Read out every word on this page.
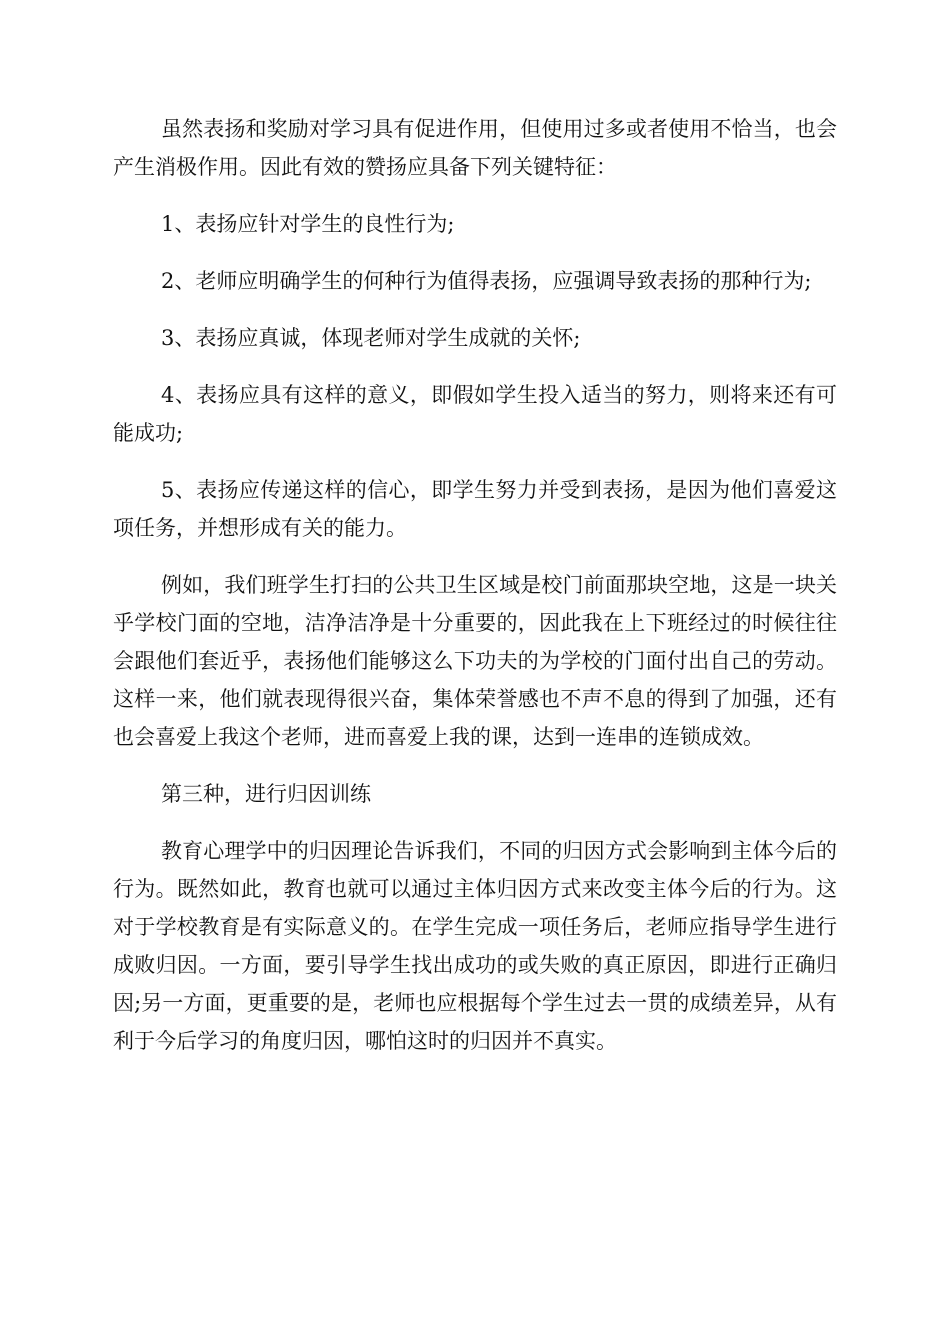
虽然表扬和奖励对学习具有促进作用，但使用过多或者使用不恰当，也会产生消极作用。因此有效的赞扬应具备下列关键特征：

1、表扬应针对学生的良性行为;

2、老师应明确学生的何种行为值得表扬，应强调导致表扬的那种行为;

3、表扬应真诚，体现老师对学生成就的关怀;

4、表扬应具有这样的意义，即假如学生投入适当的努力，则将来还有可能成功;

5、表扬应传递这样的信心，即学生努力并受到表扬，是因为他们喜爱这项任务，并想形成有关的能力。

例如，我们班学生打扫的公共卫生区域是校门前面那块空地，这是一块关乎学校门面的空地，洁净洁净是十分重要的，因此我在上下班经过的时候往往会跟他们套近乎，表扬他们能够这么下功夫的为学校的门面付出自己的劳动。这样一来，他们就表现得很兴奋，集体荣誉感也不声不息的得到了加强，还有也会喜爱上我这个老师，进而喜爱上我的课，达到一连串的连锁成效。

第三种，进行归因训练

教育心理学中的归因理论告诉我们，不同的归因方式会影响到主体今后的行为。既然如此，教育也就可以通过主体归因方式来改变主体今后的行为。这对于学校教育是有实际意义的。在学生完成一项任务后，老师应指导学生进行成败归因。一方面，要引导学生找出成功的或失败的真正原因，即进行正确归因;另一方面，更重要的是，老师也应根据每个学生过去一贯的成绩差异，从有利于今后学习的角度归因，哪怕这时的归因并不真实。
